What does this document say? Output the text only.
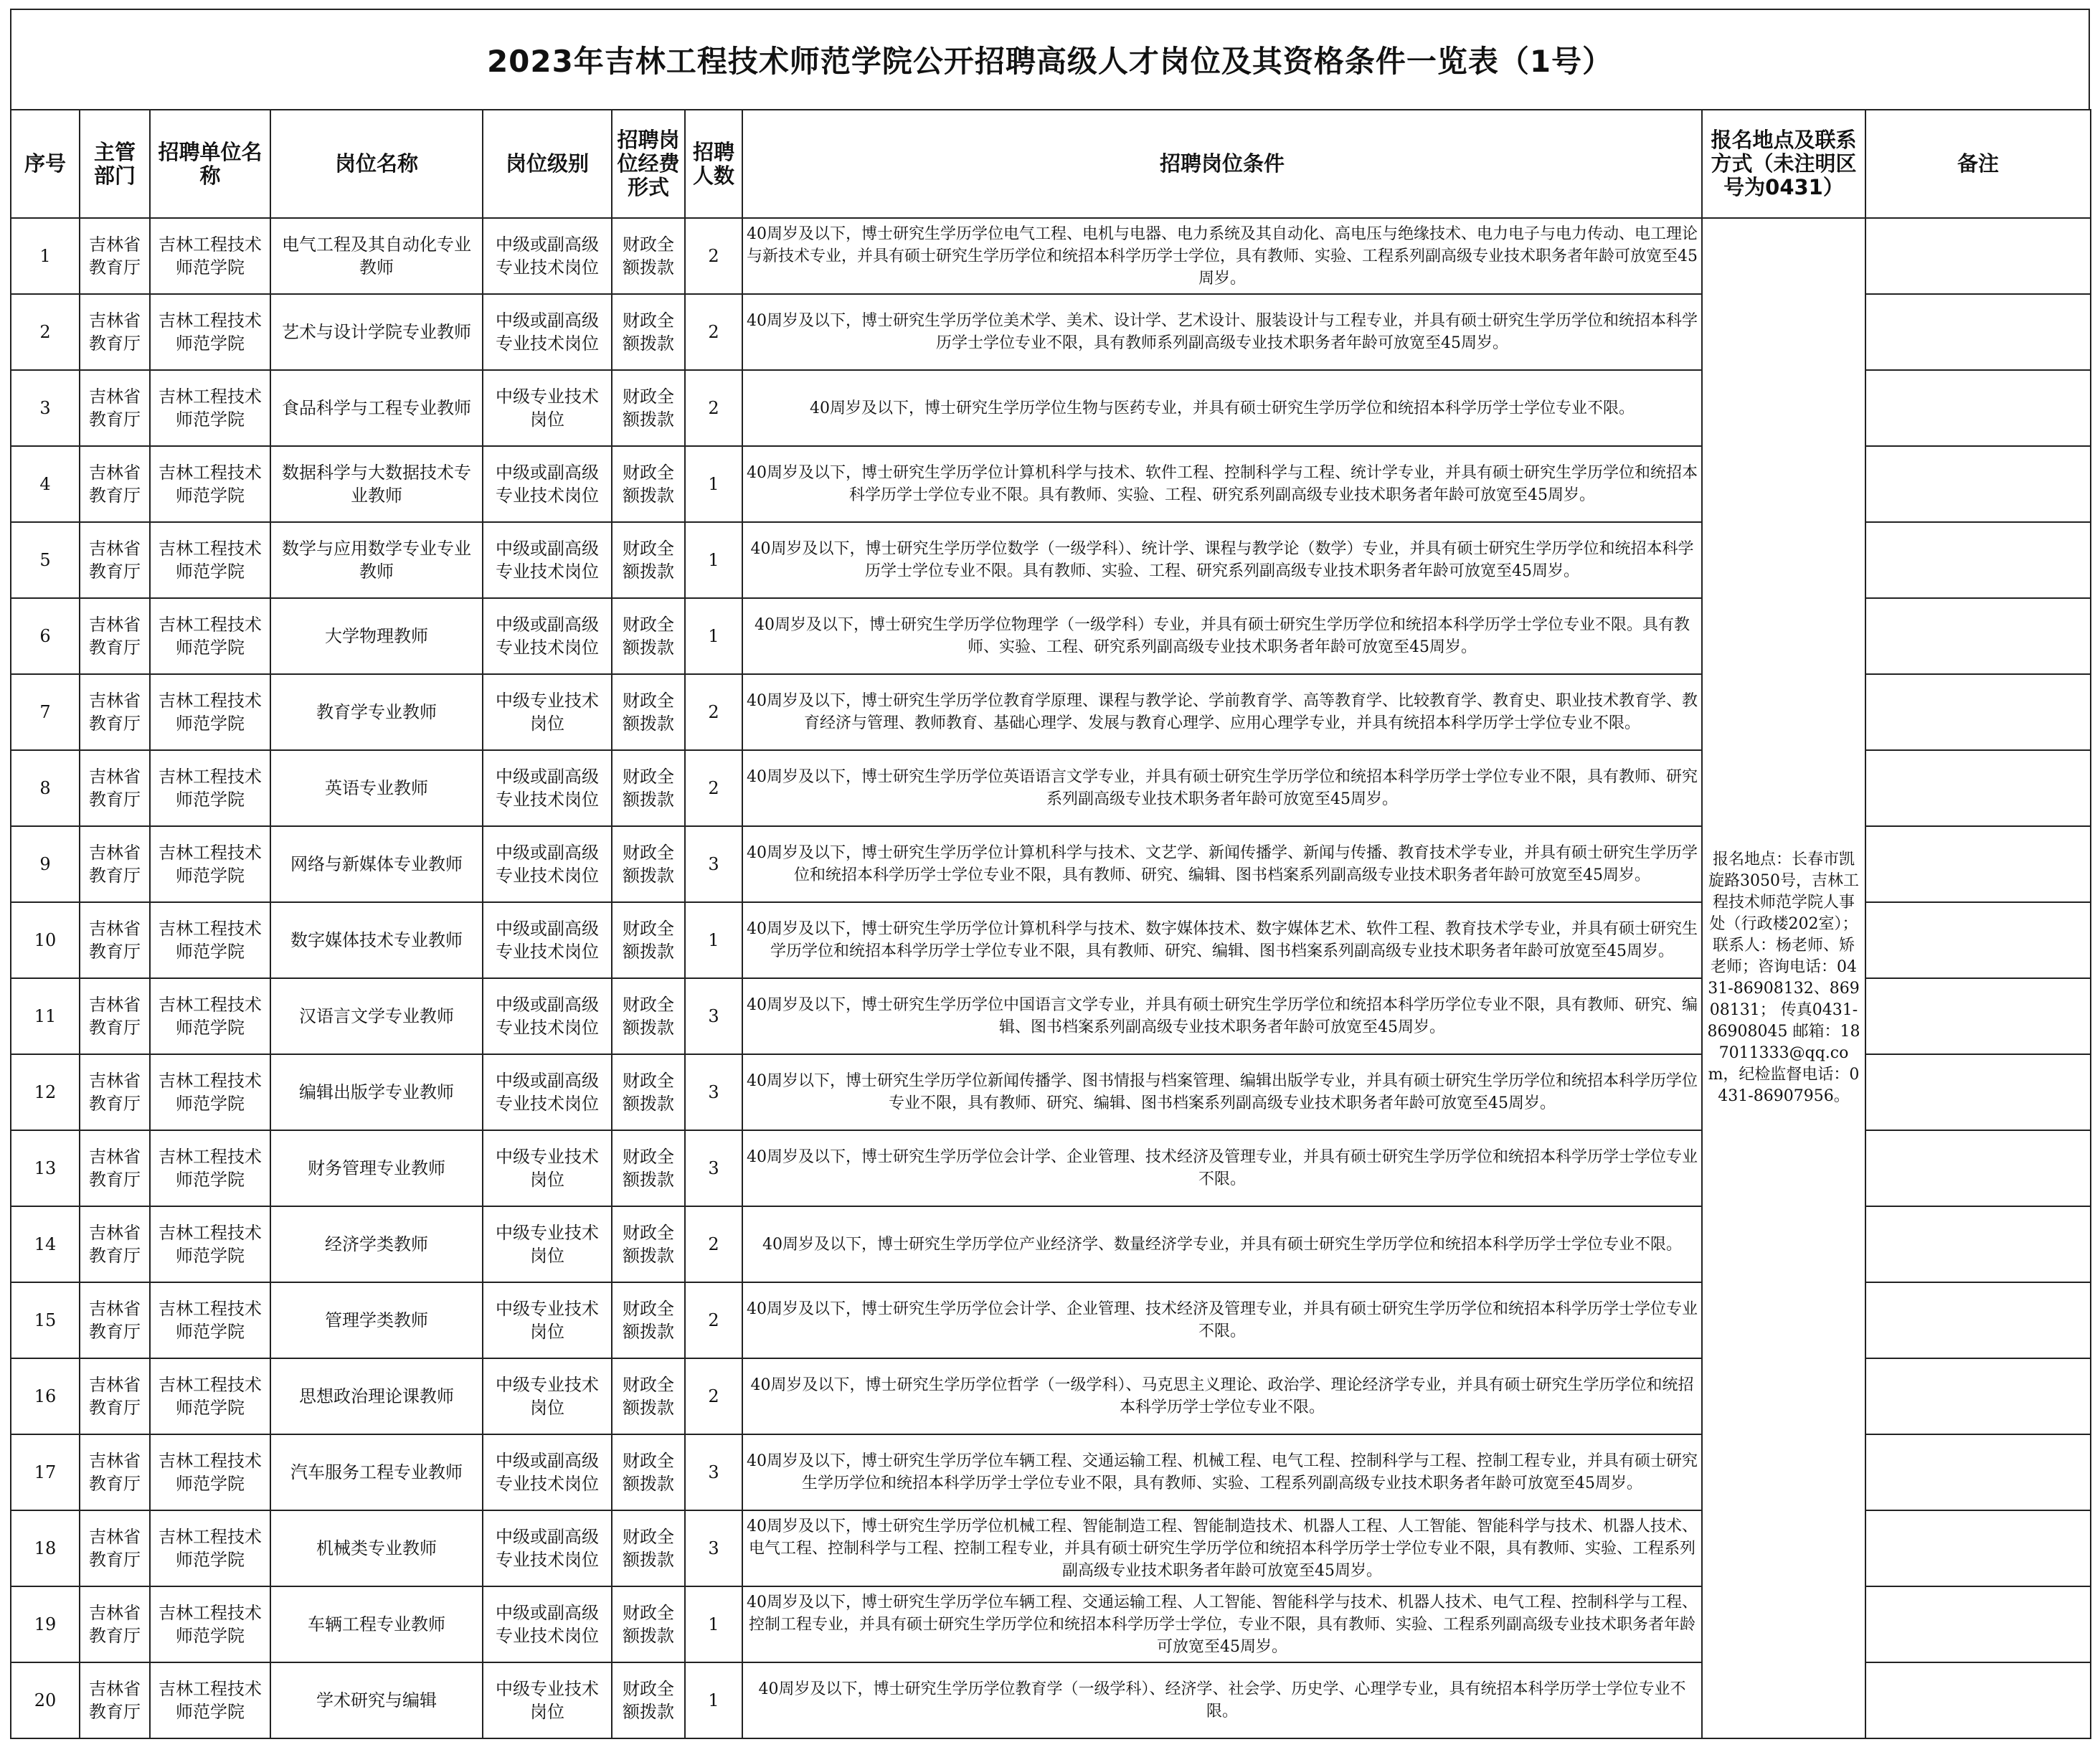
2023年吉林工程技术师范学院公开招聘高级人才岗位及其资格条件一览表（1号）
序号	主管部门	招聘单位名称	岗位名称	岗位级别	招聘岗位经费形式	招聘人数	招聘岗位条件	报名地点及联系方式（未注明区号为0431）	备注
1	吉林省教育厅	吉林工程技术师范学院	电气工程及其自动化专业教师	中级或副高级专业技术岗位	财政全额拨款	2	40周岁及以下，博士研究生学历学位电气工程、电机与电器、电力系统及其自动化、高电压与绝缘技术、电力电子与电力传动、电工理论与新技术专业，并具有硕士研究生学历学位和统招本科学历学士学位，具有教师、实验、工程系列副高级专业技术职务者年龄可放宽至45周岁。	报名地点：长春市凯旋路3050号，吉林工程技术师范学院人事处（行政楼202室）；联系人：杨老师、矫老师；咨询电话：0431-86908132、86908131； 传真0431-86908045 邮箱：187011333@qq.com，纪检监督电话：0431-86907956。	
2	吉林省教育厅	吉林工程技术师范学院	艺术与设计学院专业教师	中级或副高级专业技术岗位	财政全额拨款	2	40周岁及以下，博士研究生学历学位美术学、美术、设计学、艺术设计、服装设计与工程专业，并具有硕士研究生学历学位和统招本科学历学士学位专业不限，具有教师系列副高级专业技术职务者年龄可放宽至45周岁。		
3	吉林省教育厅	吉林工程技术师范学院	食品科学与工程专业教师	中级专业技术岗位	财政全额拨款	2	40周岁及以下，博士研究生学历学位生物与医药专业，并具有硕士研究生学历学位和统招本科学历学士学位专业不限。		
4	吉林省教育厅	吉林工程技术师范学院	数据科学与大数据技术专业教师	中级或副高级专业技术岗位	财政全额拨款	1	40周岁及以下，博士研究生学历学位计算机科学与技术、软件工程、控制科学与工程、统计学专业，并具有硕士研究生学历学位和统招本科学历学士学位专业不限。具有教师、实验、工程、研究系列副高级专业技术职务者年龄可放宽至45周岁。		
5	吉林省教育厅	吉林工程技术师范学院	数学与应用数学专业专业教师	中级或副高级专业技术岗位	财政全额拨款	1	40周岁及以下，博士研究生学历学位数学（一级学科）、统计学、课程与教学论（数学）专业，并具有硕士研究生学历学位和统招本科学历学士学位专业不限。具有教师、实验、工程、研究系列副高级专业技术职务者年龄可放宽至45周岁。		
6	吉林省教育厅	吉林工程技术师范学院	大学物理教师	中级或副高级专业技术岗位	财政全额拨款	1	40周岁及以下，博士研究生学历学位物理学（一级学科）专业，并具有硕士研究生学历学位和统招本科学历学士学位专业不限。具有教师、实验、工程、研究系列副高级专业技术职务者年龄可放宽至45周岁。		
7	吉林省教育厅	吉林工程技术师范学院	教育学专业教师	中级专业技术岗位	财政全额拨款	2	40周岁及以下，博士研究生学历学位教育学原理、课程与教学论、学前教育学、高等教育学、比较教育学、教育史、职业技术教育学、教育经济与管理、教师教育、基础心理学、发展与教育心理学、应用心理学专业，并具有统招本科学历学士学位专业不限。		
8	吉林省教育厅	吉林工程技术师范学院	英语专业教师	中级或副高级专业技术岗位	财政全额拨款	2	40周岁及以下，博士研究生学历学位英语语言文学专业，并具有硕士研究生学历学位和统招本科学历学士学位专业不限，具有教师、研究系列副高级专业技术职务者年龄可放宽至45周岁。		
9	吉林省教育厅	吉林工程技术师范学院	网络与新媒体专业教师	中级或副高级专业技术岗位	财政全额拨款	3	40周岁及以下，博士研究生学历学位计算机科学与技术、文艺学、新闻传播学、新闻与传播、教育技术学专业，并具有硕士研究生学历学位和统招本科学历学士学位专业不限，具有教师、研究、编辑、图书档案系列副高级专业技术职务者年龄可放宽至45周岁。		
10	吉林省教育厅	吉林工程技术师范学院	数字媒体技术专业教师	中级或副高级专业技术岗位	财政全额拨款	1	40周岁及以下，博士研究生学历学位计算机科学与技术、数字媒体技术、数字媒体艺术、软件工程、教育技术学专业，并具有硕士研究生学历学位和统招本科学历学士学位专业不限，具有教师、研究、编辑、图书档案系列副高级专业技术职务者年龄可放宽至45周岁。		
11	吉林省教育厅	吉林工程技术师范学院	汉语言文学专业教师	中级或副高级专业技术岗位	财政全额拨款	3	40周岁及以下，博士研究生学历学位中国语言文学专业，并具有硕士研究生学历学位和统招本科学历学位专业不限，具有教师、研究、编辑、图书档案系列副高级专业技术职务者年龄可放宽至45周岁。		
12	吉林省教育厅	吉林工程技术师范学院	编辑出版学专业教师	中级或副高级专业技术岗位	财政全额拨款	3	40周岁以下，博士研究生学历学位新闻传播学、图书情报与档案管理、编辑出版学专业，并具有硕士研究生学历学位和统招本科学历学位专业不限，具有教师、研究、编辑、图书档案系列副高级专业技术职务者年龄可放宽至45周岁。		
13	吉林省教育厅	吉林工程技术师范学院	财务管理专业教师	中级专业技术岗位	财政全额拨款	3	40周岁及以下，博士研究生学历学位会计学、企业管理、技术经济及管理专业，并具有硕士研究生学历学位和统招本科学历学士学位专业不限。		
14	吉林省教育厅	吉林工程技术师范学院	经济学类教师	中级专业技术岗位	财政全额拨款	2	40周岁及以下，博士研究生学历学位产业经济学、数量经济学专业，并具有硕士研究生学历学位和统招本科学历学士学位专业不限。		
15	吉林省教育厅	吉林工程技术师范学院	管理学类教师	中级专业技术岗位	财政全额拨款	2	40周岁及以下，博士研究生学历学位会计学、企业管理、技术经济及管理专业，并具有硕士研究生学历学位和统招本科学历学士学位专业不限。		
16	吉林省教育厅	吉林工程技术师范学院	思想政治理论课教师	中级专业技术岗位	财政全额拨款	2	40周岁及以下，博士研究生学历学位哲学（一级学科）、马克思主义理论、政治学、理论经济学专业，并具有硕士研究生学历学位和统招本科学历学士学位专业不限。		
17	吉林省教育厅	吉林工程技术师范学院	汽车服务工程专业教师	中级或副高级专业技术岗位	财政全额拨款	3	40周岁及以下，博士研究生学历学位车辆工程、交通运输工程、机械工程、电气工程、控制科学与工程、控制工程专业，并具有硕士研究生学历学位和统招本科学历学士学位专业不限，具有教师、实验、工程系列副高级专业技术职务者年龄可放宽至45周岁。		
18	吉林省教育厅	吉林工程技术师范学院	机械类专业教师	中级或副高级专业技术岗位	财政全额拨款	3	40周岁及以下，博士研究生学历学位机械工程、智能制造工程、智能制造技术、机器人工程、人工智能、智能科学与技术、机器人技术、电气工程、控制科学与工程、控制工程专业，并具有硕士研究生学历学位和统招本科学历学士学位专业不限，具有教师、实验、工程系列副高级专业技术职务者年龄可放宽至45周岁。		
19	吉林省教育厅	吉林工程技术师范学院	车辆工程专业教师	中级或副高级专业技术岗位	财政全额拨款	1	40周岁及以下，博士研究生学历学位车辆工程、交通运输工程、人工智能、智能科学与技术、机器人技术、电气工程、控制科学与工程、控制工程专业，并具有硕士研究生学历学位和统招本科学历学士学位，专业不限，具有教师、实验、工程系列副高级专业技术职务者年龄可放宽至45周岁。		
20	吉林省教育厅	吉林工程技术师范学院	学术研究与编辑	中级专业技术岗位	财政全额拨款	1	40周岁及以下，博士研究生学历学位教育学（一级学科）、经济学、社会学、历史学、心理学专业，具有统招本科学历学士学位专业不限。		
